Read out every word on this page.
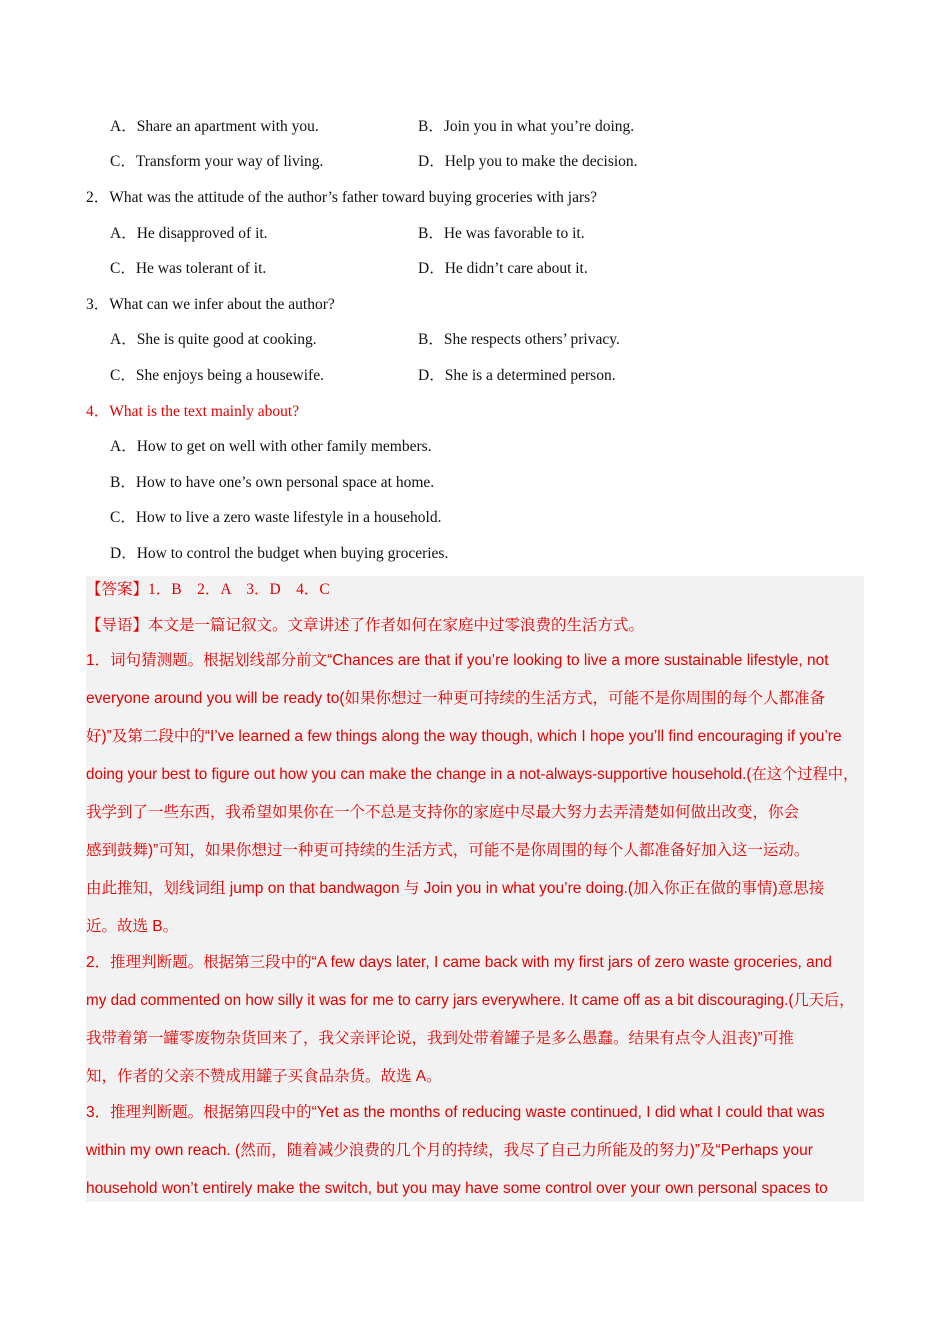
A．Share an apartment with you.	B．Join you in what you’re doing.
C．Transform your way of living.	D．Help you to make the decision.
2．What was the attitude of the author’s father toward buying groceries with jars?
A．He disapproved of it.	B．He was favorable to it.
C．He was tolerant of it.	D．He didn’t care about it.
3．What can we infer about the author?
A．She is quite good at cooking.	B．She respects others’ privacy.
C．She enjoys being a housewife.	D．She is a determined person.
4．What is the text mainly about?
A．How to get on well with other family members.
B．How to have one’s own personal space at home.
C．How to live a zero waste lifestyle in a household.
D．How to control the budget when buying groceries.
【答案】1．B　2．A　3．D　4．C
【导语】本文是一篇记叙文。文章讲述了作者如何在家庭中过零浪费的生活方式。
1．词句猜测题。根据划线部分前文“Chances are that if you’re looking to live a more sustainable lifestyle, not
everyone around you will be ready to(如果你想过一种更可持续的生活方式，可能不是你周围的每个人都准备
好)”及第二段中的“I’ve learned a few things along the way though, which I hope you’ll find encouraging if you’re
doing your best to figure out how you can make the change in a not-always-supportive household.(在这个过程中，
我学到了一些东西，我希望如果你在一个不总是支持你的家庭中尽最大努力去弄清楚如何做出改变，你会
感到鼓舞)”可知，如果你想过一种更可持续的生活方式，可能不是你周围的每个人都准备好加入这一运动。
由此推知，划线词组 jump on that bandwagon 与 Join you in what you’re doing.(加入你正在做的事情)意思接
近。故选 B。
2．推理判断题。根据第三段中的“A few days later, I came back with my first jars of zero waste groceries, and
my dad commented on how silly it was for me to carry jars everywhere. It came off as a bit discouraging.(几天后，
我带着第一罐零废物杂货回来了，我父亲评论说，我到处带着罐子是多么愚蠢。结果有点令人沮丧)”可推
知，作者的父亲不赞成用罐子买食品杂货。故选 A。
3．推理判断题。根据第四段中的“Yet as the months of reducing waste continued, I did what I could that was
within my own reach. (然而，随着减少浪费的几个月的持续，我尽了自己力所能及的努力)”及“Perhaps your
household won’t entirely make the switch, but you may have some control over your own personal spaces to
